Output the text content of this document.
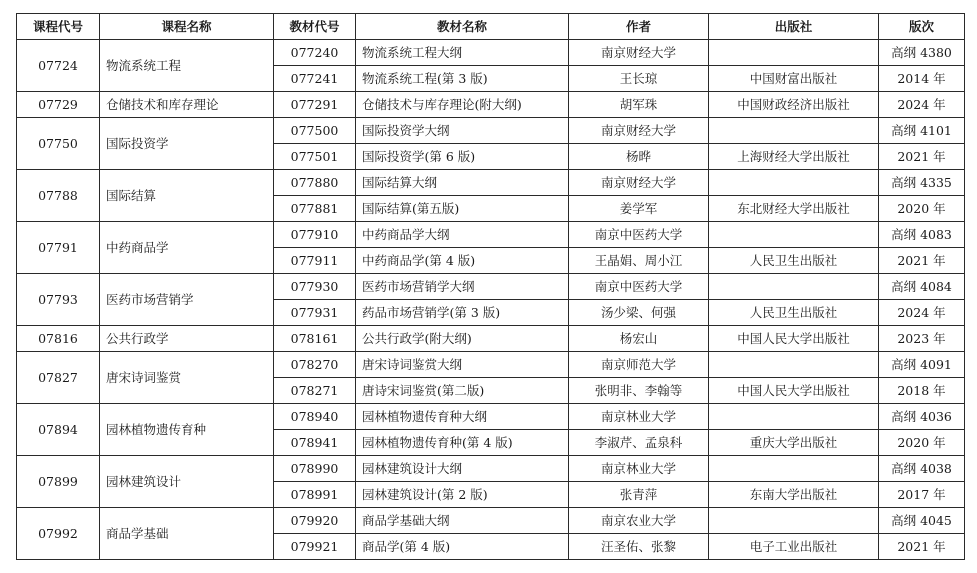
课程代号	课程名称	教材代号	教材名称	作者	出版社	版次
07724	物流系统工程	077240	物流系统工程大纲	南京财经大学		高纲 4380
		077241	物流系统工程(第 3 版)	王长琼	中国财富出版社	2014 年
07729	仓储技术和库存理论	077291	仓储技术与库存理论(附大纲)	胡军珠	中国财政经济出版社	2024 年
07750	国际投资学	077500	国际投资学大纲	南京财经大学		高纲 4101
		077501	国际投资学(第 6 版)	杨晔	上海财经大学出版社	2021 年
07788	国际结算	077880	国际结算大纲	南京财经大学		高纲 4335
		077881	国际结算(第五版)	姜学军	东北财经大学出版社	2020 年
07791	中药商品学	077910	中药商品学大纲	南京中医药大学		高纲 4083
		077911	中药商品学(第 4 版)	王晶娟、周小江	人民卫生出版社	2021 年
07793	医药市场营销学	077930	医药市场营销学大纲	南京中医药大学		高纲 4084
		077931	药品市场营销学(第 3 版)	汤少梁、何强	人民卫生出版社	2024 年
07816	公共行政学	078161	公共行政学(附大纲)	杨宏山	中国人民大学出版社	2023 年
07827	唐宋诗词鉴赏	078270	唐宋诗词鉴赏大纲	南京师范大学		高纲 4091
		078271	唐诗宋词鉴赏(第二版)	张明非、李翰等	中国人民大学出版社	2018 年
07894	园林植物遗传育种	078940	园林植物遗传育种大纲	南京林业大学		高纲 4036
		078941	园林植物遗传育种(第 4 版)	李淑芹、孟泉科	重庆大学出版社	2020 年
07899	园林建筑设计	078990	园林建筑设计大纲	南京林业大学		高纲 4038
		078991	园林建筑设计(第 2 版)	张青萍	东南大学出版社	2017 年
07992	商品学基础	079920	商品学基础大纲	南京农业大学		高纲 4045
		079921	商品学(第 4 版)	汪圣佑、张黎	电子工业出版社	2021 年
